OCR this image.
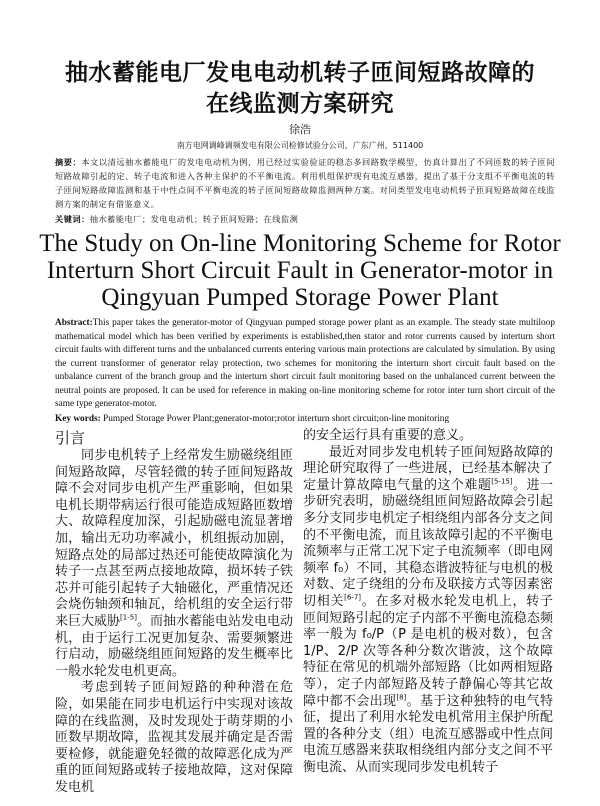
抽水蓄能电厂发电电动机转子匝间短路故障的
在线监测方案研究
徐浩
南方电网调峰调频发电有限公司检修试验分公司，广东广州，511400
摘要：本文以清远抽水蓄能电厂的发电电动机为例，用已经过实验验证的稳态多回路数学模型，仿真计算出了不同匝数的转子匝间短路故障引起的定、转子电流和进入各种主保护的不平衡电流。利用机组保护现有电流互感器，提出了基于分支组不平衡电流的转子匝间短路故障监测和基于中性点间不平衡电流的转子匝间短路故障监测两种方案。对同类型发电电动机转子匝间短路故障在线监测方案的制定有借鉴意义。
关键词：抽水蓄能电厂；发电电动机；转子匝间短路；在线监测
The Study on On-line Monitoring Scheme for Rotor
Interturn Short Circuit Fault in Generator-motor in
Qingyuan Pumped Storage Power Plant
Abstract:This paper takes the generator-motor of Qingyuan pumped storage power plant as an example. The steady state multiloop mathematical model which has been verified by experiments is established,then stator and rotor currents caused by interturn short circuit faults with different turns and the unbalanced currents entering various main protections are calculated by simulation. By using the current transformer of generator relay protection, two schemes for monitoring the interturn short circuit fault based on the unbalance current of the branch group and the interturn short circuit fault monitoring based on the unbalanced current between the neutral points are proposed. It can be used for reference in making on-line monitoring scheme for rotor inter turn short circuit of the same type generator-motor.
Key words: Pumped Storage Power Plant;generator-motor;rotor interturn short circuit;on-line monitoring
引言

同步电机转子上经常发生励磁绕组匝间短路故障，尽管轻微的转子匝间短路故障不会对同步电机产生严重影响，但如果电机长期带病运行很可能造成短路匝数增大、故障程度加深，引起励磁电流显著增加，输出无功功率减小，机组振动加剧，短路点处的局部过热还可能使故障演化为转子一点甚至两点接地故障，损坏转子铁芯并可能引起转子大轴磁化，严重情况还会烧伤轴颈和轴瓦，给机组的安全运行带来巨大威胁[1-5]。而抽水蓄能电站发电电动机，由于运行工况更加复杂、需要频繁进行启动，励磁绕组匝间短路的发生概率比一般水轮发电机更高。

考虑到转子匝间短路的种种潜在危险，如果能在同步电机运行中实现对该故障的在线监测，及时发现处于萌芽期的小匝数早期故障，监视其发展并确定是否需要检修，就能避免轻微的故障恶化成为严重的匝间短路或转子接地故障，这对保障发电机

的安全运行具有重要的意义。

最近对同步发电机转子匝间短路故障的理论研究取得了一些进展，已经基本解决了定量计算故障电气量的这个难题[5-15]。进一步研究表明，励磁绕组匝间短路故障会引起多分支同步电机定子相绕组内部各分支之间的不平衡电流，而且该故障引起的不平衡电流频率与正常工况下定子电流频率（即电网频率 f₀）不同，其稳态谐波特征与电机的极对数、定子绕组的分布及联接方式等因素密切相关[6-7]。在多对极水轮发电机上，转子匝间短路引起的定子内部不平衡电流稳态频率一般为 f₀/P（P 是电机的极对数），包含 1/P、2/P 次等各种分数次谐波，这个故障特征在常见的机端外部短路（比如两相短路等），定子内部短路及转子静偏心等其它故障中都不会出现[8]。基于这种独特的电气特征，提出了利用水轮发电机常用主保护所配置的各种分支（组）电流互感器或中性点间电流互感器来获取相绕组内部分支之间不平衡电流、从而实现同步发电机转子
